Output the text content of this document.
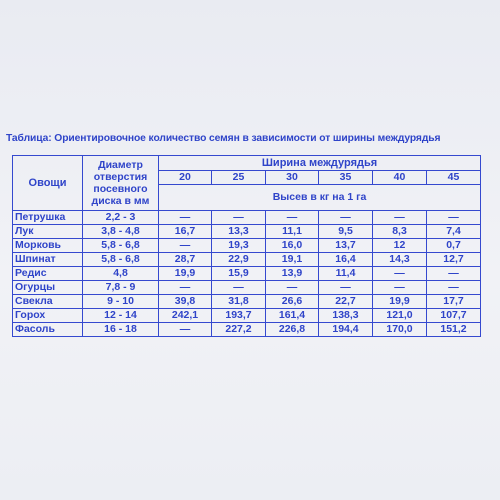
Таблица: Ориентировочное количество семян в зависимости от ширины междурядья
Овощи	Диаметр отверстия посевного диска в мм	Ширина междурядья					
		20	25	30	35	40	45
		Высев в кг на 1 га					
Петрушка	2,2 - 3	—	—	—	—	—	—
Лук	3,8 - 4,8	16,7	13,3	11,1	9,5	8,3	7,4
Морковь	5,8 - 6,8	—	19,3	16,0	13,7	12	0,7
Шпинат	5,8 - 6,8	28,7	22,9	19,1	16,4	14,3	12,7
Редис	4,8	19,9	15,9	13,9	11,4	—	—
Огурцы	7,8 - 9	—	—	—	—	—	—
Свекла	9 - 10	39,8	31,8	26,6	22,7	19,9	17,7
Горох	12 - 14	242,1	193,7	161,4	138,3	121,0	107,7
Фасоль	16 - 18	—	227,2	226,8	194,4	170,0	151,2
